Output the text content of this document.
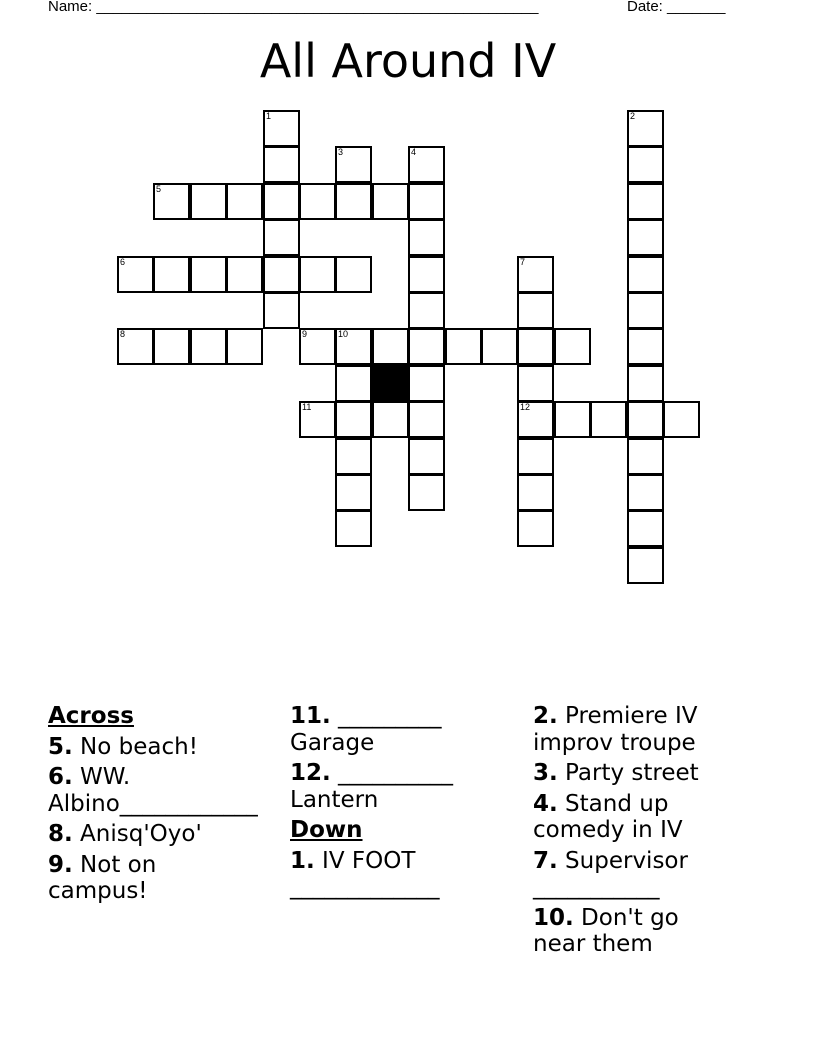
Name: _____________________________________________________	Date: _______
All Around IV
1	2
3	4
5
6	7
8	9	10
11	12
Across
5. No beach!
6. WW. Albino____________
8. Anisq'Oyo'
9. Not on campus!
11. _________ Garage
12. __________ Lantern
Down
1. IV FOOT _____________
2. Premiere IV improv troupe
3. Party street
4. Stand up comedy in IV
7. Supervisor ___________
10. Don't go near them
